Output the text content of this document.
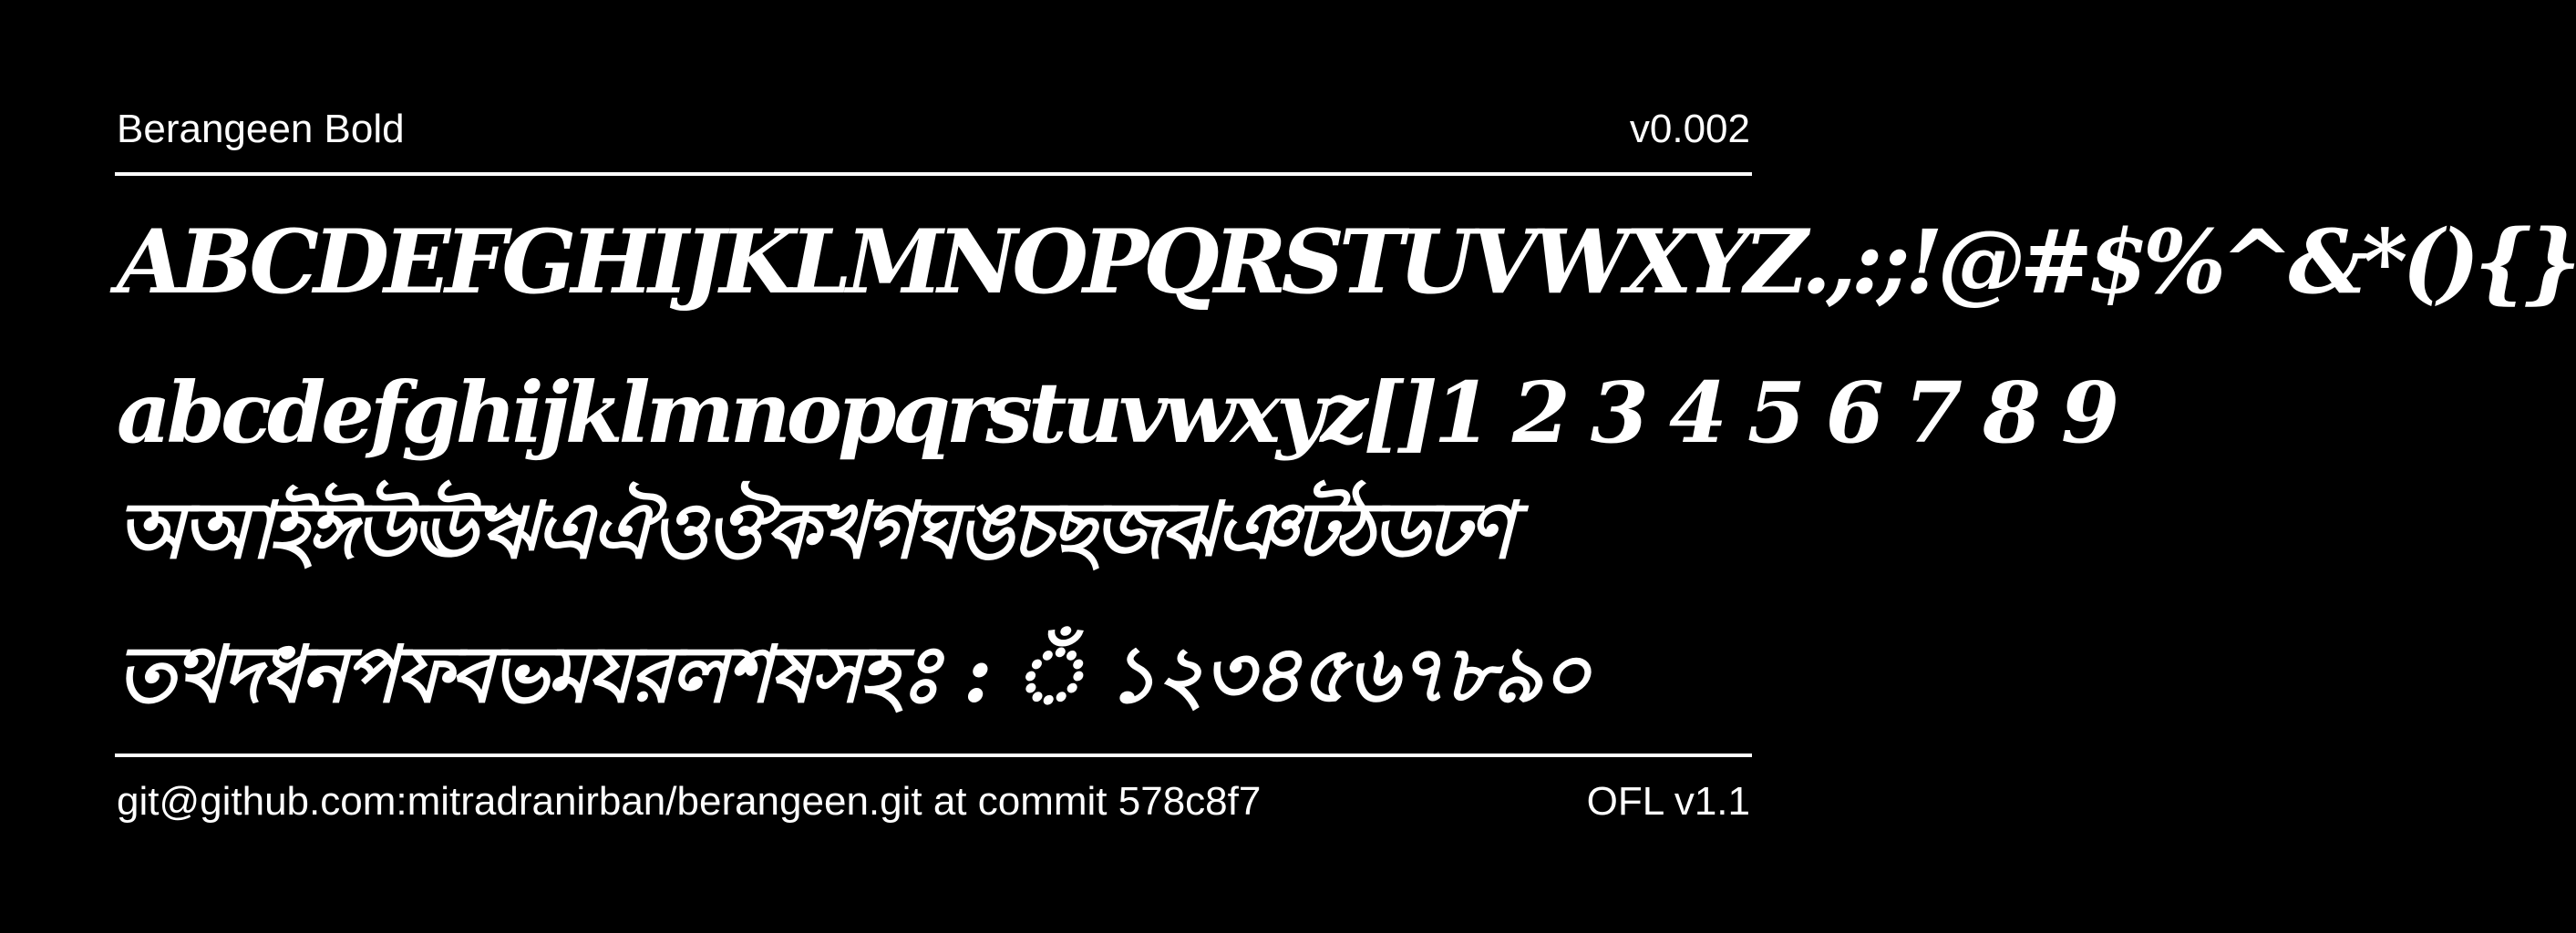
Berangeen Bold	v0.002
ABCDEFGHIJKLMNOPQRSTUVWXYZ.,:;!@#$%^&*(){}
abcdefghijklmnopqrstuvwxyz[]1 2 3 4 5 6 7 8 9
অআইঈউঊঋএঐওঔকখগঘঙচছজঝঞটঠডঢণ
তথদধনপফবভমযরলশষসহঃ : ঁ ১২৩৪৫৬৭৮৯০
git@github.com:mitradranirban/berangeen.git at commit 578c8f7	OFL v1.1
